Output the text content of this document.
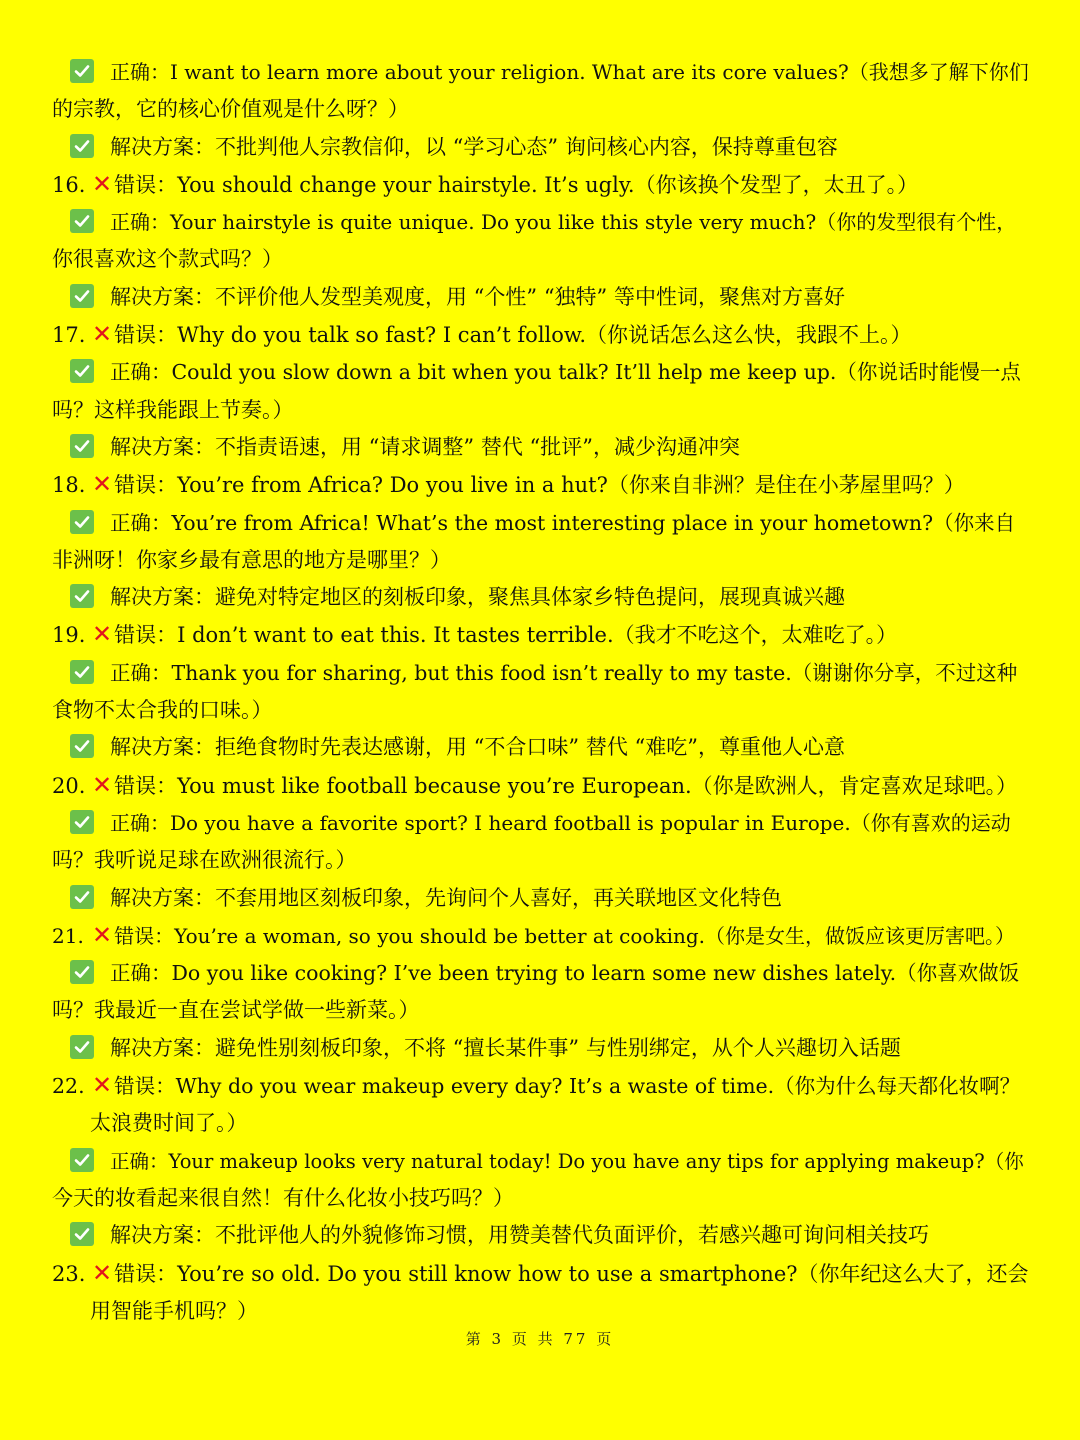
正确：I want to learn more about your religion. What are its core values?（我想多了解下你们
的宗教，它的核心价值观是什么呀？）
解决方案：不批判他人宗教信仰，以 “学习心态” 询问核心内容，保持尊重包容
16. ✕错误：You should change your hairstyle. It’s ugly.（你该换个发型了，太丑了。）
正确：Your hairstyle is quite unique. Do you like this style very much?（你的发型很有个性，
你很喜欢这个款式吗？）
解决方案：不评价他人发型美观度，用 “个性” “独特” 等中性词，聚焦对方喜好
17. ✕错误：Why do you talk so fast? I can’t follow.（你说话怎么这么快，我跟不上。）
正确：Could you slow down a bit when you talk? It’ll help me keep up.（你说话时能慢一点
吗？这样我能跟上节奏。）
解决方案：不指责语速，用 “请求调整” 替代 “批评”，减少沟通冲突
18. ✕错误：You’re from Africa? Do you live in a hut?（你来自非洲？是住在小茅屋里吗？）
正确：You’re from Africa! What’s the most interesting place in your hometown?（你来自
非洲呀！你家乡最有意思的地方是哪里？）
解决方案：避免对特定地区的刻板印象，聚焦具体家乡特色提问，展现真诚兴趣
19. ✕错误：I don’t want to eat this. It tastes terrible.（我才不吃这个，太难吃了。）
正确：Thank you for sharing, but this food isn’t really to my taste.（谢谢你分享，不过这种
食物不太合我的口味。）
解决方案：拒绝食物时先表达感谢，用 “不合口味” 替代 “难吃”，尊重他人心意
20. ✕错误：You must like football because you’re European.（你是欧洲人，肯定喜欢足球吧。）
正确：Do you have a favorite sport? I heard football is popular in Europe.（你有喜欢的运动
吗？我听说足球在欧洲很流行。）
解决方案：不套用地区刻板印象，先询问个人喜好，再关联地区文化特色
21. ✕ 错误：You’re a woman, so you should be better at cooking.（你是女生，做饭应该更厉害吧。）
正确：Do you like cooking? I’ve been trying to learn some new dishes lately.（你喜欢做饭
吗？我最近一直在尝试学做一些新菜。）
解决方案：避免性别刻板印象，不将 “擅长某件事” 与性别绑定，从个人兴趣切入话题
22. ✕错误：Why do you wear makeup every day? It’s a waste of time.（你为什么每天都化妆啊？
太浪费时间了。）
正确：Your makeup looks very natural today! Do you have any tips for applying makeup?（你
今天的妆看起来很自然！有什么化妆小技巧吗？）
解决方案：不批评他人的外貌修饰习惯，用赞美替代负面评价，若感兴趣可询问相关技巧
23. ✕错误：You’re so old. Do you still know how to use a smartphone?（你年纪这么大了，还会
用智能手机吗？）
第 3 页 共 77 页
